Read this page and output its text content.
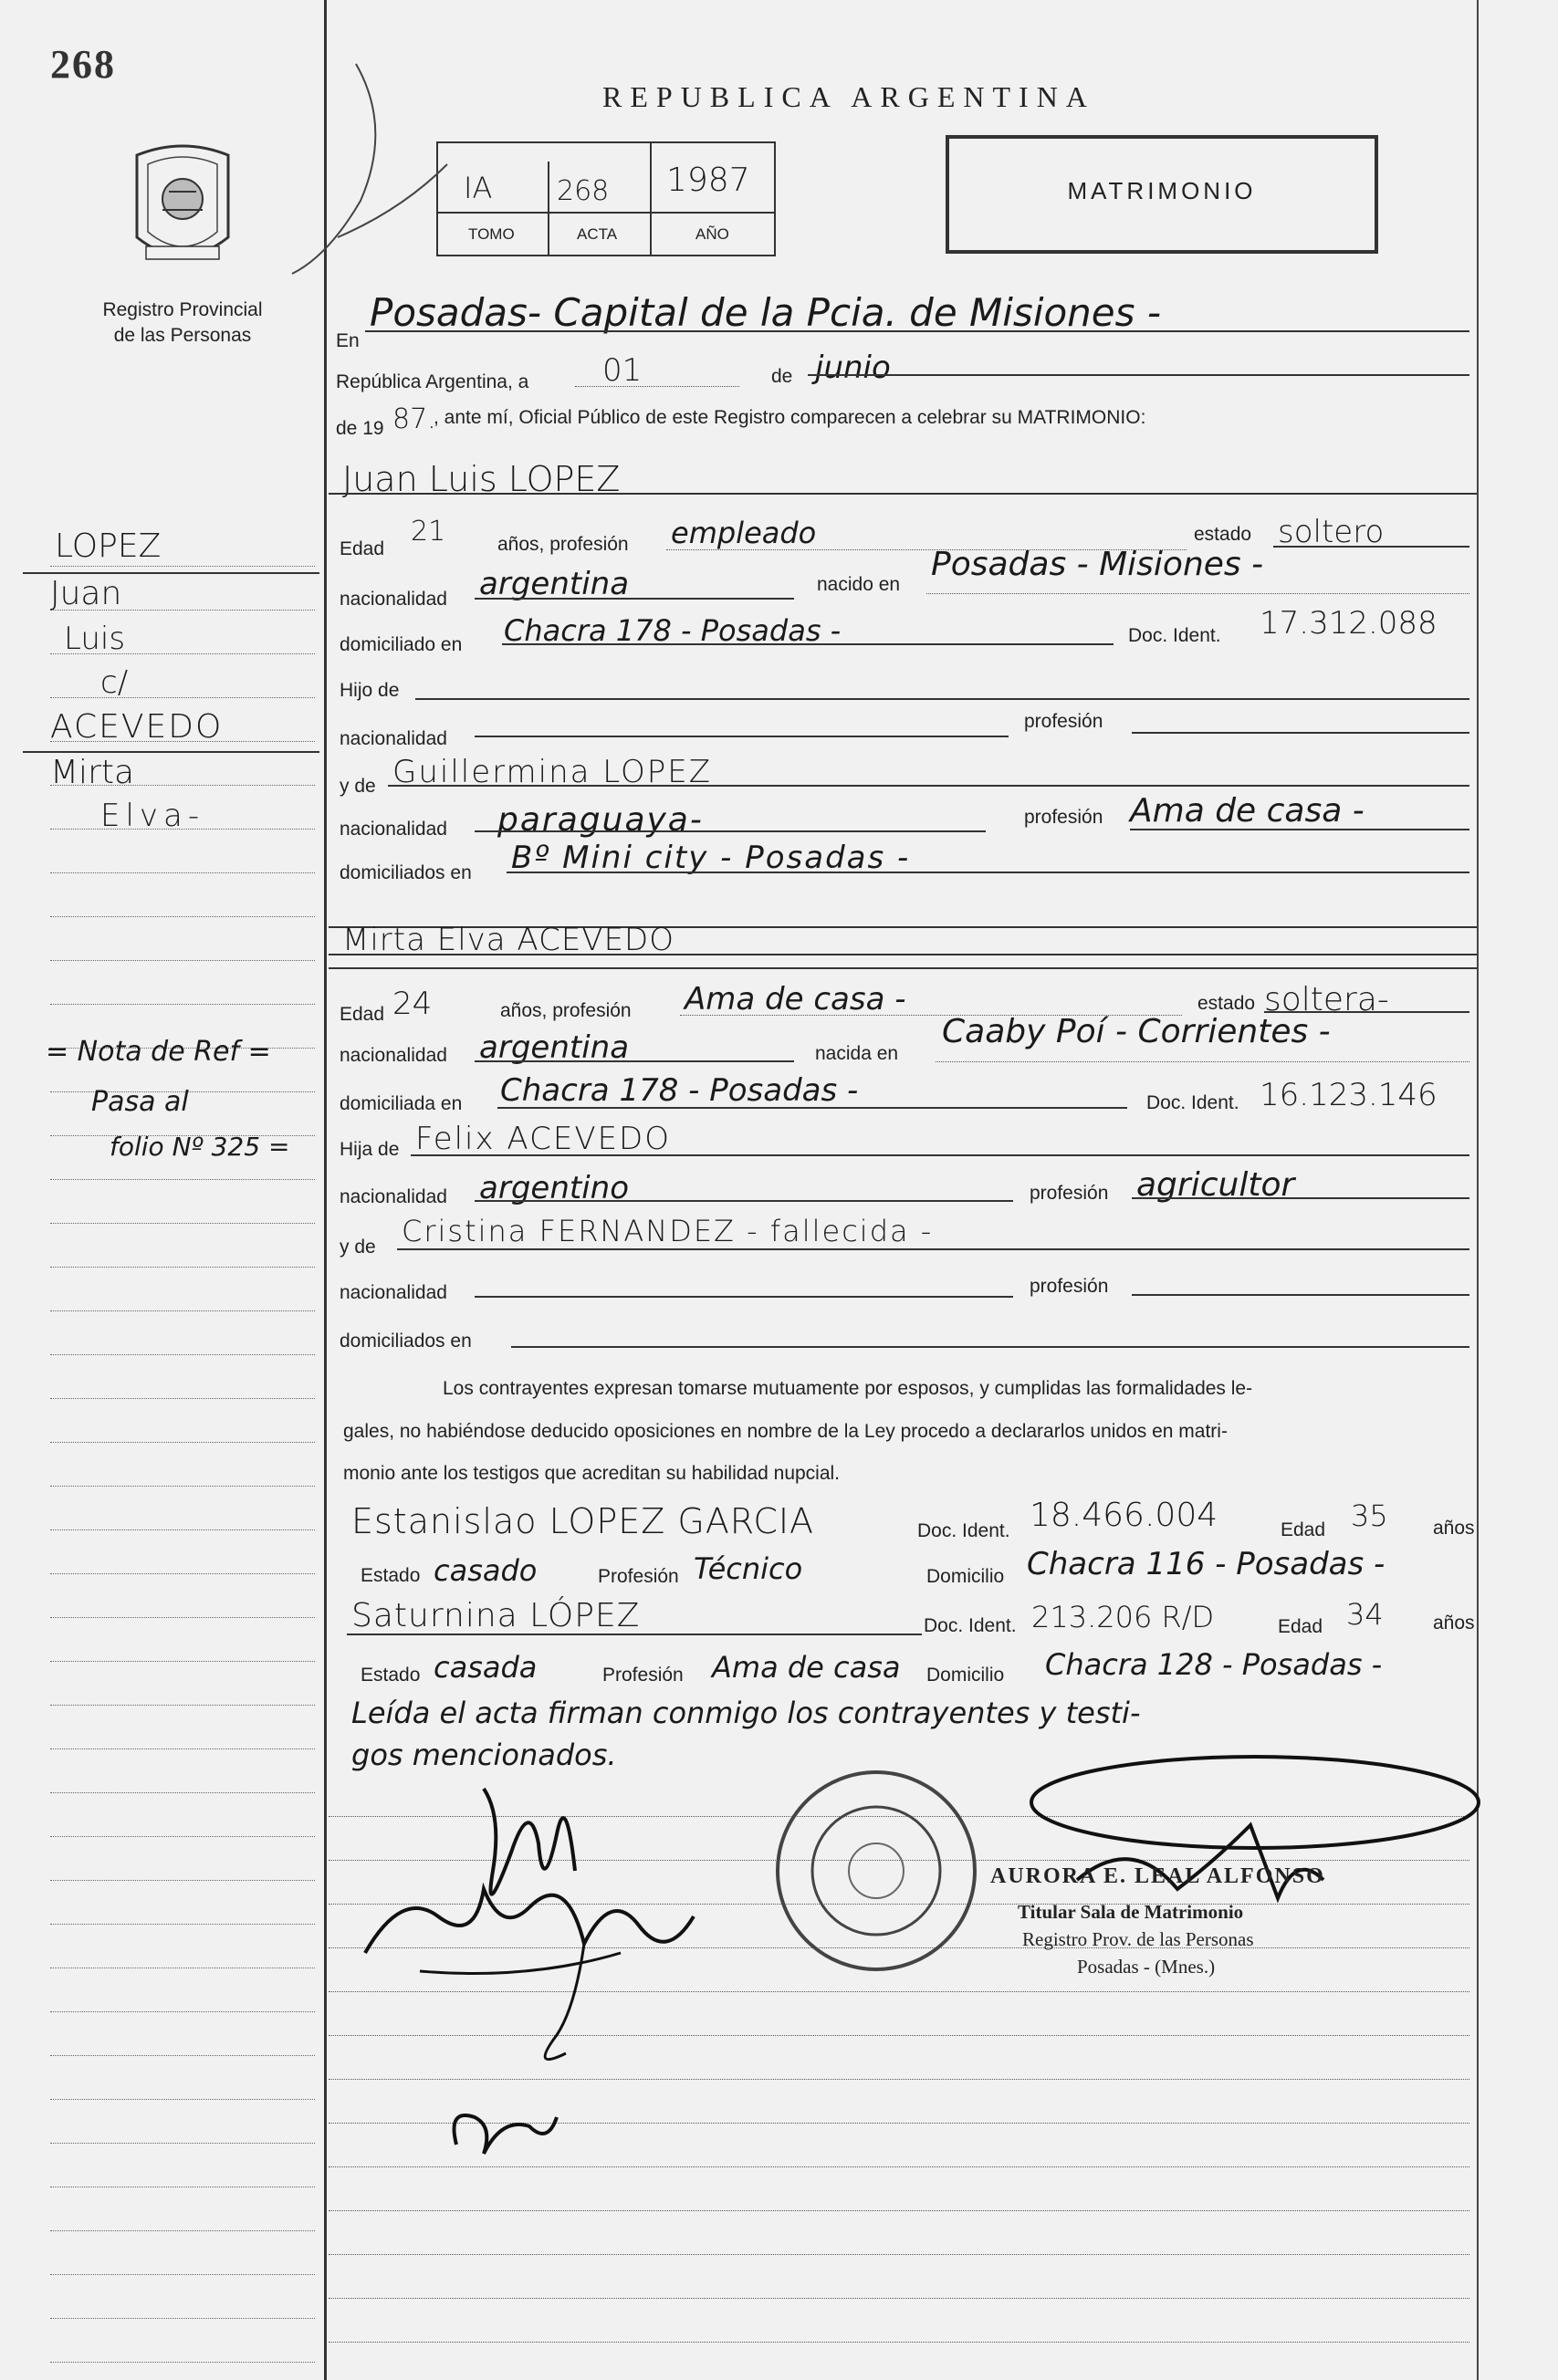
268
Registro Provincial
de las Personas
LOPEZ
Juan
Luis
c/
ACEVEDO
Mirta
Elva-
= Nota de Ref =
Pasa al
folio Nº 325 =
REPUBLICA ARGENTINA
IA 268 1987
TOMO	ACTA	AÑO
MATRIMONIO
En
Posadas- Capital de la Pcia. de Misiones -
República Argentina, a 01	de junio
de 19 87.
, ante mí, Oficial Público de este Registro comparecen a celebrar su MATRIMONIO:
Juan Luis LOPEZ
Edad
21	años, profesión empleado	estado soltero
nacionalidad argentina	nacido en
Posadas - Misiones -
domiciliado en Chacra 178 - Posadas -	Doc. Ident. 17.312.088
Hijo de
nacionalidad
profesión
y de Guillermina LOPEZ
nacionalidad paraguaya-	profesión Ama de casa -
domiciliados en Bº Mini city - Posadas -
Mirta Elva ACEVEDO
Edad 24	años, profesión Ama de casa -	estado soltera-
nacionalidad argentina	nacida en
Caaby Poí - Corrientes -
domiciliada en Chacra 178 - Posadas -	Doc. Ident. 16.123.146
Hija de Felix ACEVEDO
nacionalidad argentino	profesión agricultor
y de Cristina FERNANDEZ - fallecida -
nacionalidad	profesión
domiciliados en
Los contrayentes expresan tomarse mutuamente por esposos, y cumplidas las formalidades le-
gales, no habiéndose deducido oposiciones en nombre de la Ley procedo a declararlos unidos en matri-
monio ante los testigos que acreditan su habilidad nupcial.
Estanislao LOPEZ GARCIA	Doc. Ident. 18.466.004	Edad 35 años
Estado casado	Profesión Técnico	Domicilio Chacra 116 - Posadas -
Saturnina LÓPEZ	Doc. Ident. 213.206 R/D	Edad 34	años
Estado casada	Profesión Ama de casa Domicilio Chacra 128 - Posadas -
Leída el acta firman conmigo los contrayentes y testi-
gos mencionados.
AURORA E. LEAL ALFONSO
Titular Sala de Matrimonio
Registro Prov. de las Personas
Posadas - (Mnes.)
